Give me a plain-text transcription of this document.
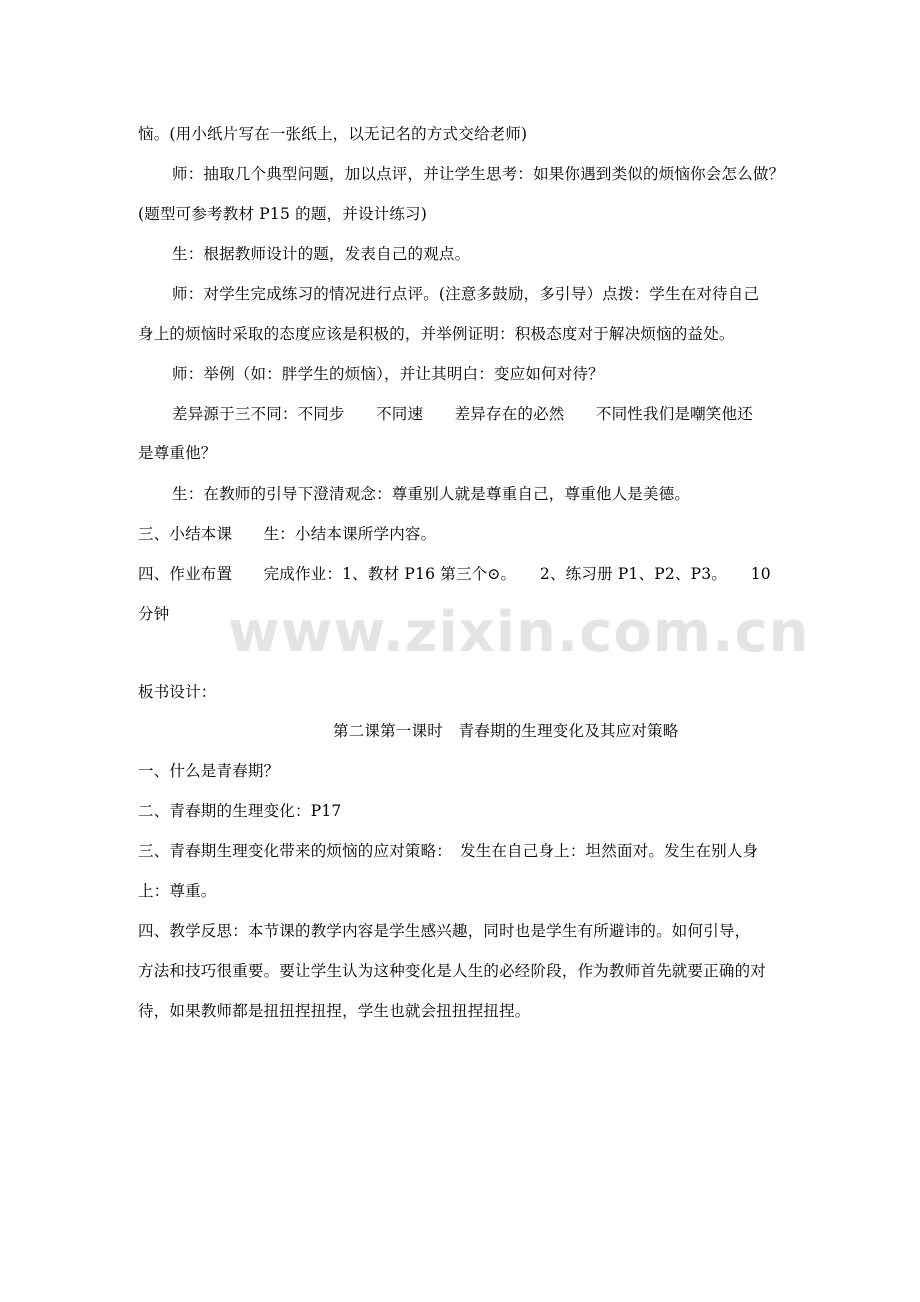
恼。(用小纸片写在一张纸上，以无记名的方式交给老师)
师：抽取几个典型问题，加以点评，并让学生思考：如果你遇到类似的烦恼你会怎么做？
(题型可参考教材 P15 的题，并设计练习)
生：根据教师设计的题，发表自己的观点。
师：对学生完成练习的情况进行点评。(注意多鼓励，多引导）点拨：学生在对待自己
身上的烦恼时采取的态度应该是积极的，并举例证明：积极态度对于解决烦恼的益处。
师：举例（如：胖学生的烦恼），并让其明白：变应如何对待？
差异源于三不同：不同步　　不同速　　差异存在的必然　　不同性我们是嘲笑他还
是尊重他？
生：在教师的引导下澄清观念：尊重别人就是尊重自己，尊重他人是美德。
三、小结本课　　生：小结本课所学内容。
四、作业布置　　完成作业：1、教材 P16 第三个⊙。　　2、练习册 P1、P2、P3。　　10
分钟 www.zixin.com.cn
板书设计：
第二课第一课时　青春期的生理变化及其应对策略
一、什么是青春期？
二、青春期的生理变化：P17
三、青春期生理变化带来的烦恼的应对策略：　发生在自己身上：坦然面对。发生在别人身
上：尊重。
四、教学反思：本节课的教学内容是学生感兴趣，同时也是学生有所避讳的。如何引导，
方法和技巧很重要。要让学生认为这种变化是人生的必经阶段，作为教师首先就要正确的对
待，如果教师都是扭扭捏扭捏，学生也就会扭扭捏扭捏。
